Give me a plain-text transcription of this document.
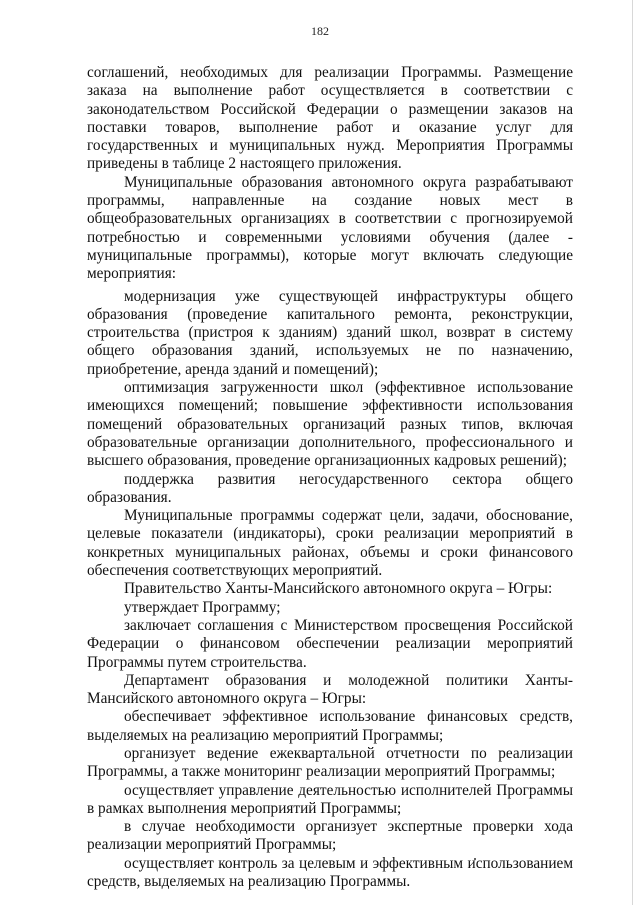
182

соглашений, необходимых для реализации Программы. Размещение заказа на выполнение работ осуществляется в соответствии с законодательством Российской Федерации о размещении заказов на поставки товаров, выполнение работ и оказание услуг для государственных и муниципальных нужд. Мероприятия Программы приведены в таблице 2 настоящего приложения.

Муниципальные образования автономного округа разрабатывают программы, направленные на создание новых мест в общеобразовательных организациях в соответствии с прогнозируемой потребностью и современными условиями обучения (далее - муниципальные программы), которые могут включать следующие мероприятия:

модернизация уже существующей инфраструктуры общего образования (проведение капитального ремонта, реконструкции, строительства (пристроя к зданиям) зданий школ, возврат в систему общего образования зданий, используемых не по назначению, приобретение, аренда зданий и помещений);

оптимизация загруженности школ (эффективное использование имеющихся помещений; повышение эффективности использования помещений образовательных организаций разных типов, включая образовательные организации дополнительного, профессионального и высшего образования, проведение организационных кадровых решений);

поддержка развития негосударственного сектора общего образования.

Муниципальные программы содержат цели, задачи, обоснование, целевые показатели (индикаторы), сроки реализации мероприятий в конкретных муниципальных районах, объемы и сроки финансового обеспечения соответствующих мероприятий.

Правительство Ханты-Мансийского автономного округа – Югры:

утверждает Программу;

заключает соглашения с Министерством просвещения Российской Федерации о финансовом обеспечении реализации мероприятий Программы путем строительства.

Департамент образования и молодежной политики Ханты-Мансийского автономного округа – Югры:

обеспечивает эффективное использование финансовых средств, выделяемых на реализацию мероприятий Программы;

организует ведение ежеквартальной отчетности по реализации Программы, а также мониторинг реализации мероприятий Программы;

осуществляет управление деятельностью исполнителей Программы в рамках выполнения мероприятий Программы;

в случае необходимости организует экспертные проверки хода реализации мероприятий Программы;

осуществляет контроль за целевым и эффективным использованием средств, выделяемых на реализацию Программы.
